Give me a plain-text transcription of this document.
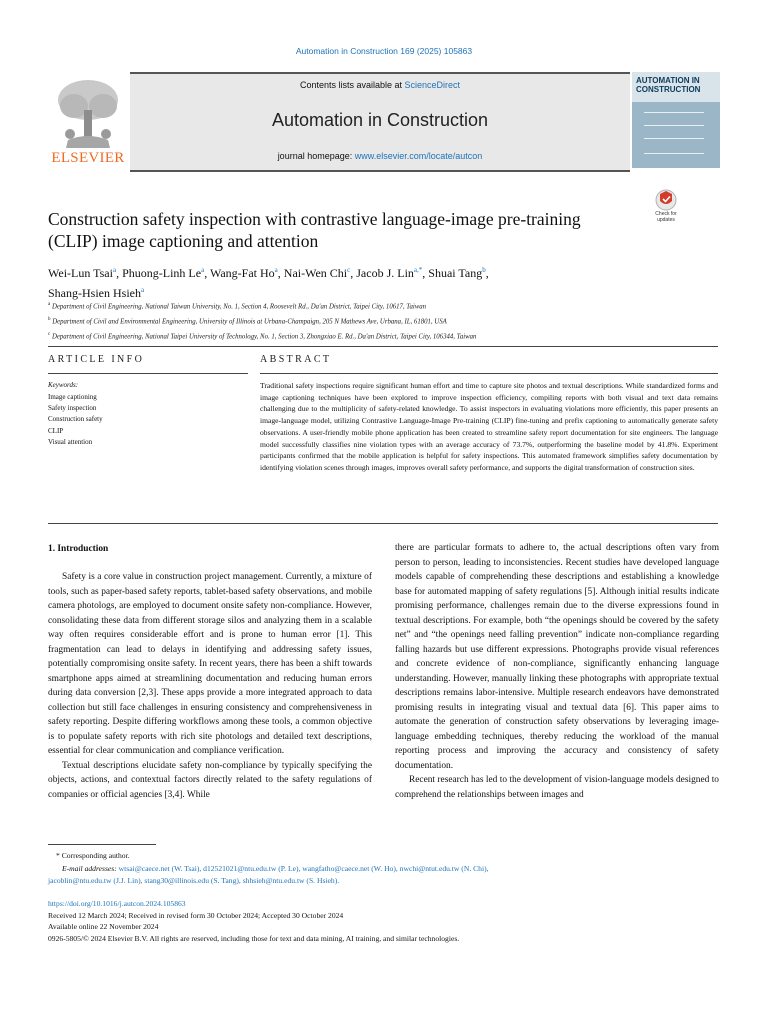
Automation in Construction 169 (2025) 105863
ELSEVIER
Contents lists available at ScienceDirect
Automation in Construction
journal homepage: www.elsevier.com/locate/autcon
AUTOMATION IN CONSTRUCTION
Construction safety inspection with contrastive language-image pre-training
(CLIP) image captioning and attention
Check for updates
Wei-Lun Tsai$^a$, Phuong-Linh Le$^a$, Wang-Fat Ho$^a$, Nai-Wen Chi$^c$, Jacob J. Lin$^{a,*}$, Shuai Tang$^b$,
Shang-Hsien Hsieh$^a$
$^a$ Department of Civil Engineering, National Taiwan University, No. 1, Section 4, Roosevelt Rd., Da'an District, Taipei City, 10617, Taiwan
$^b$ Department of Civil and Environmental Engineering, University of Illinois at Urbana-Champaign, 205 N Mathews Ave, Urbana, IL, 61801, USA
$^c$ Department of Civil Engineering, National Taipei University of Technology, No. 1, Section 3, Zhongxiao E. Rd., Da'an District, Taipei City, 106344, Taiwan
ARTICLE INFO	ABSTRACT
Keywords:
Image captioning
Safety inspection
Construction safety
CLIP
Visual attention
Traditional safety inspections require significant human effort and time to capture site photos and textual descriptions. While standardized forms and image captioning techniques have been explored to improve inspection efficiency, compiling reports with both visual and text data remains challenging due to the multiplicity of safety-related knowledge. To assist inspectors in evaluating violations more efficiently, this paper presents an image-language model, utilizing Contrastive Language-Image Pre-training (CLIP) fine-tuning and prefix captioning to automatically generate safety observations. A user-friendly mobile phone application has been created to streamline safety report documentation for site engineers. The language model successfully classifies nine violation types with an average accuracy of 73.7%, outperforming the baseline model by 41.8%. Experiment participants confirmed that the mobile application is helpful for safety inspections. This automated framework simplifies safety documentation by identifying violation scenes through images, improves overall safety performance, and supports the digital transformation of construction sites.
1. Introduction

Safety is a core value in construction project management. Currently, a mixture of tools, such as paper-based safety reports, tablet-based safety observations, and mobile camera photologs, are employed to document onsite safety non-compliance. However, consolidating these data from different storage silos and analyzing them in a scalable way often requires considerable effort and is prone to human error [1]. This fragmentation can lead to delays in identifying and addressing safety issues, potentially compromising onsite safety. In recent years, there has been a shift towards smartphone apps aimed at streamlining documentation and reducing human errors during data conversion [2,3]. These apps provide a more integrated approach to data collection but still face challenges in ensuring consistency and comprehensiveness in safety reporting. Despite differing workflows among these tools, a common objective is to populate safety reports with rich site photologs and detailed text descriptions, essential for clear communication and compliance verification.

Textual descriptions elucidate safety non-compliance by typically specifying the objects, actions, and contextual factors directly related to the safety regulations of companies or official agencies [3,4]. While

there are particular formats to adhere to, the actual descriptions often vary from person to person, leading to inconsistencies. Recent studies have developed language models capable of comprehending these descriptions and establishing a knowledge base for automated mapping of safety regulations [5]. Although initial results indicate promising performance, challenges remain due to the diverse expressions found in textual descriptions. For example, both “the openings should be covered by the safety net” and “the openings need falling prevention” indicate non-compliance regarding falling hazards but use different expressions. Photographs provide visual references and concrete evidence of non-compliance, significantly enhancing language understanding. However, manually linking these photographs with appropriate textual descriptions remains labor-intensive. Multiple research endeavors have demonstrated promising results in integrating visual and textual data [6]. This paper aims to automate the generation of construction safety observations by leveraging image-language embedding techniques, thereby reducing the workload of the manual reporting process and improving the accuracy and consistency of safety documentation.

Recent research has led to the development of vision-language models designed to comprehend the relationships between images and

* Corresponding author.
E-mail addresses: wtsai@caece.net (W. Tsai), d12521021@ntu.edu.tw (P. Le), wangfatho@caece.net (W. Ho), nwchi@ntut.edu.tw (N. Chi),
jacoblin@ntu.edu.tw (J.J. Lin), stang30@illinois.edu (S. Tang), shhsieh@ntu.edu.tw (S. Hsieh).
https://doi.org/10.1016/j.autcon.2024.105863
Received 12 March 2024; Received in revised form 30 October 2024; Accepted 30 October 2024
Available online 22 November 2024
0926-5805/© 2024 Elsevier B.V. All rights are reserved, including those for text and data mining, AI training, and similar technologies.
